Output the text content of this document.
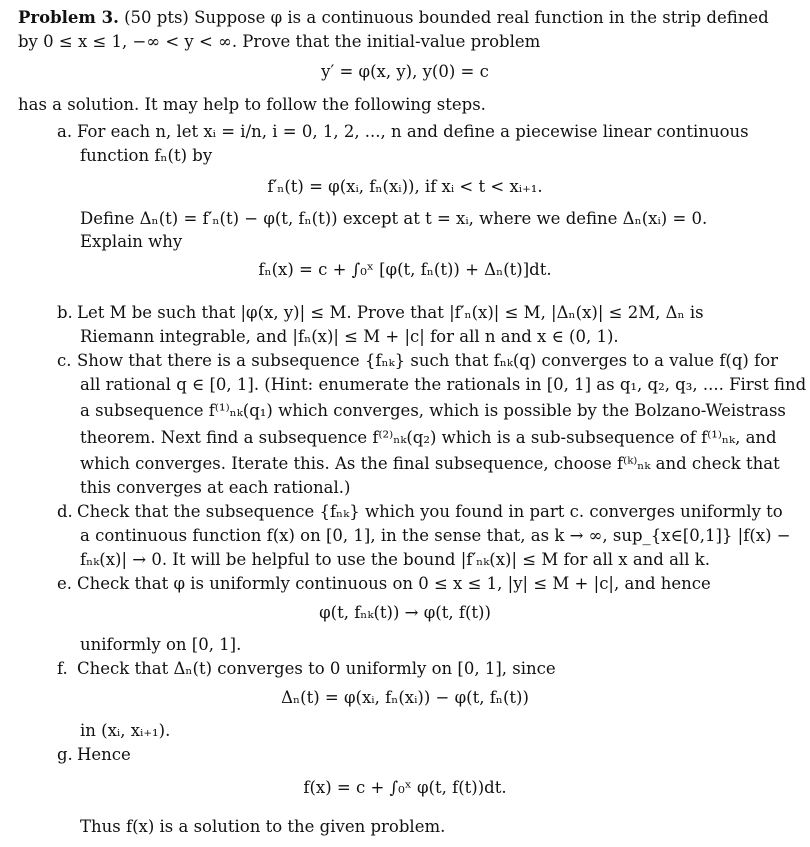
Problem 3. (50 pts) Suppose φ is a continuous bounded real function in the strip defined
by 0 ≤ x ≤ 1, −∞ < y < ∞. Prove that the initial-value problem
y′ = φ(x, y), y(0) = c
has a solution. It may help to follow the following steps.
a. For each n, let xᵢ = i/n, i = 0, 1, 2, ..., n and define a piecewise linear continuous
function fₙ(t) by
f′ₙ(t) = φ(xᵢ, fₙ(xᵢ)), if xᵢ < t < xᵢ₊₁.
Define Δₙ(t) = f′ₙ(t) − φ(t, fₙ(t)) except at t = xᵢ, where we define Δₙ(xᵢ) = 0.
Explain why
fₙ(x) = c + ∫₀ˣ [φ(t, fₙ(t)) + Δₙ(t)]dt.
b. Let M be such that |φ(x, y)| ≤ M. Prove that |f′ₙ(x)| ≤ M, |Δₙ(x)| ≤ 2M, Δₙ is
Riemann integrable, and |fₙ(x)| ≤ M + |c| for all n and x ∈ (0, 1).
c. Show that there is a subsequence {fₙₖ} such that fₙₖ(q) converges to a value f(q) for
all rational q ∈ [0, 1]. (Hint: enumerate the rationals in [0, 1] as q₁, q₂, q₃, .... First find
a subsequence f⁽¹⁾ₙₖ(q₁) which converges, which is possible by the Bolzano-Weistrass
theorem. Next find a subsequence f⁽²⁾ₙₖ(q₂) which is a sub-subsequence of f⁽¹⁾ₙₖ, and
which converges. Iterate this. As the final subsequence, choose f⁽ᵏ⁾ₙₖ and check that
this converges at each rational.)
d. Check that the subsequence {fₙₖ} which you found in part c. converges uniformly to
a continuous function f(x) on [0, 1], in the sense that, as k → ∞, sup_{x∈[0,1]} |f(x) −
fₙₖ(x)| → 0. It will be helpful to use the bound |f′ₙₖ(x)| ≤ M for all x and all k.
e. Check that φ is uniformly continuous on 0 ≤ x ≤ 1, |y| ≤ M + |c|, and hence
φ(t, fₙₖ(t)) → φ(t, f(t))
uniformly on [0, 1].
f. Check that Δₙ(t) converges to 0 uniformly on [0, 1], since
Δₙ(t) = φ(xᵢ, fₙ(xᵢ)) − φ(t, fₙ(t))
in (xᵢ, xᵢ₊₁).
g. Hence
f(x) = c + ∫₀ˣ φ(t, f(t))dt.
Thus f(x) is a solution to the given problem.
